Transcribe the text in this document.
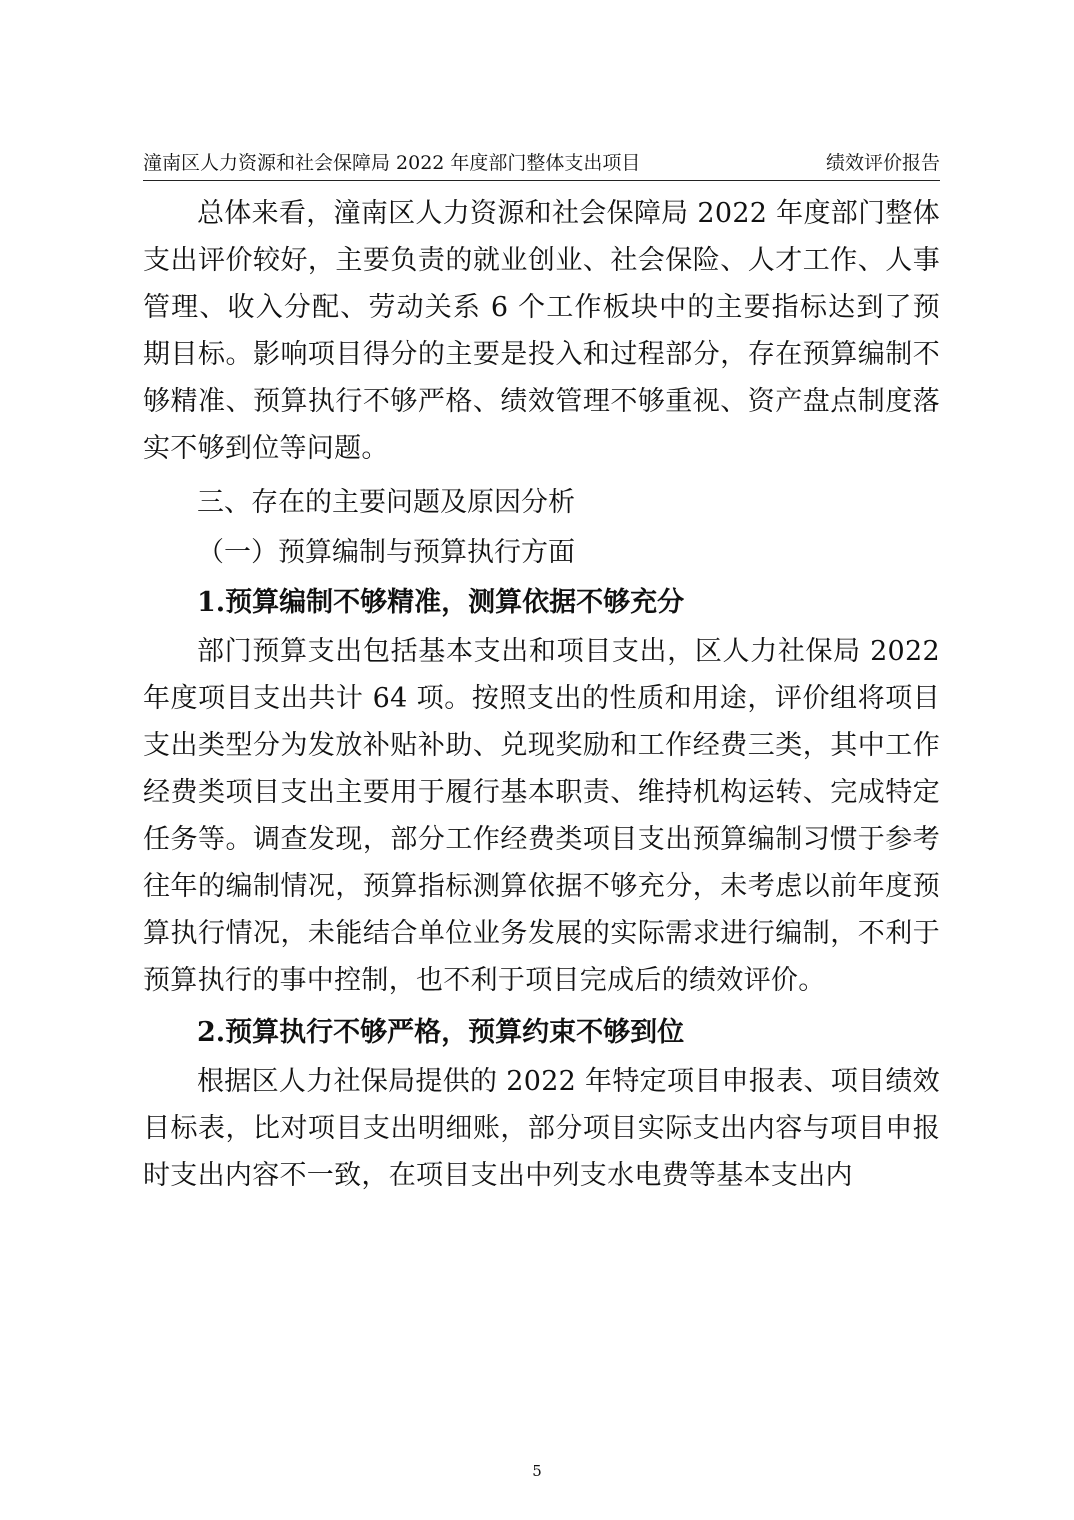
潼南区人力资源和社会保障局 2022 年度部门整体支出项目	绩效评价报告

总体来看，潼南区人力资源和社会保障局 2022 年度部门整体支出评价较好，主要负责的就业创业、社会保险、人才工作、人事管理、收入分配、劳动关系 6 个工作板块中的主要指标达到了预期目标。影响项目得分的主要是投入和过程部分，存在预算编制不够精准、预算执行不够严格、绩效管理不够重视、资产盘点制度落实不够到位等问题。

三、存在的主要问题及原因分析

（一）预算编制与预算执行方面

1.预算编制不够精准，测算依据不够充分

部门预算支出包括基本支出和项目支出，区人力社保局 2022 年度项目支出共计 64 项。按照支出的性质和用途，评价组将项目支出类型分为发放补贴补助、兑现奖励和工作经费三类，其中工作经费类项目支出主要用于履行基本职责、维持机构运转、完成特定任务等。调查发现，部分工作经费类项目支出预算编制习惯于参考往年的编制情况，预算指标测算依据不够充分，未考虑以前年度预算执行情况，未能结合单位业务发展的实际需求进行编制，不利于预算执行的事中控制，也不利于项目完成后的绩效评价。

2.预算执行不够严格，预算约束不够到位

根据区人力社保局提供的 2022 年特定项目申报表、项目绩效目标表，比对项目支出明细账，部分项目实际支出内容与项目申报时支出内容不一致，在项目支出中列支水电费等基本支出内

5
